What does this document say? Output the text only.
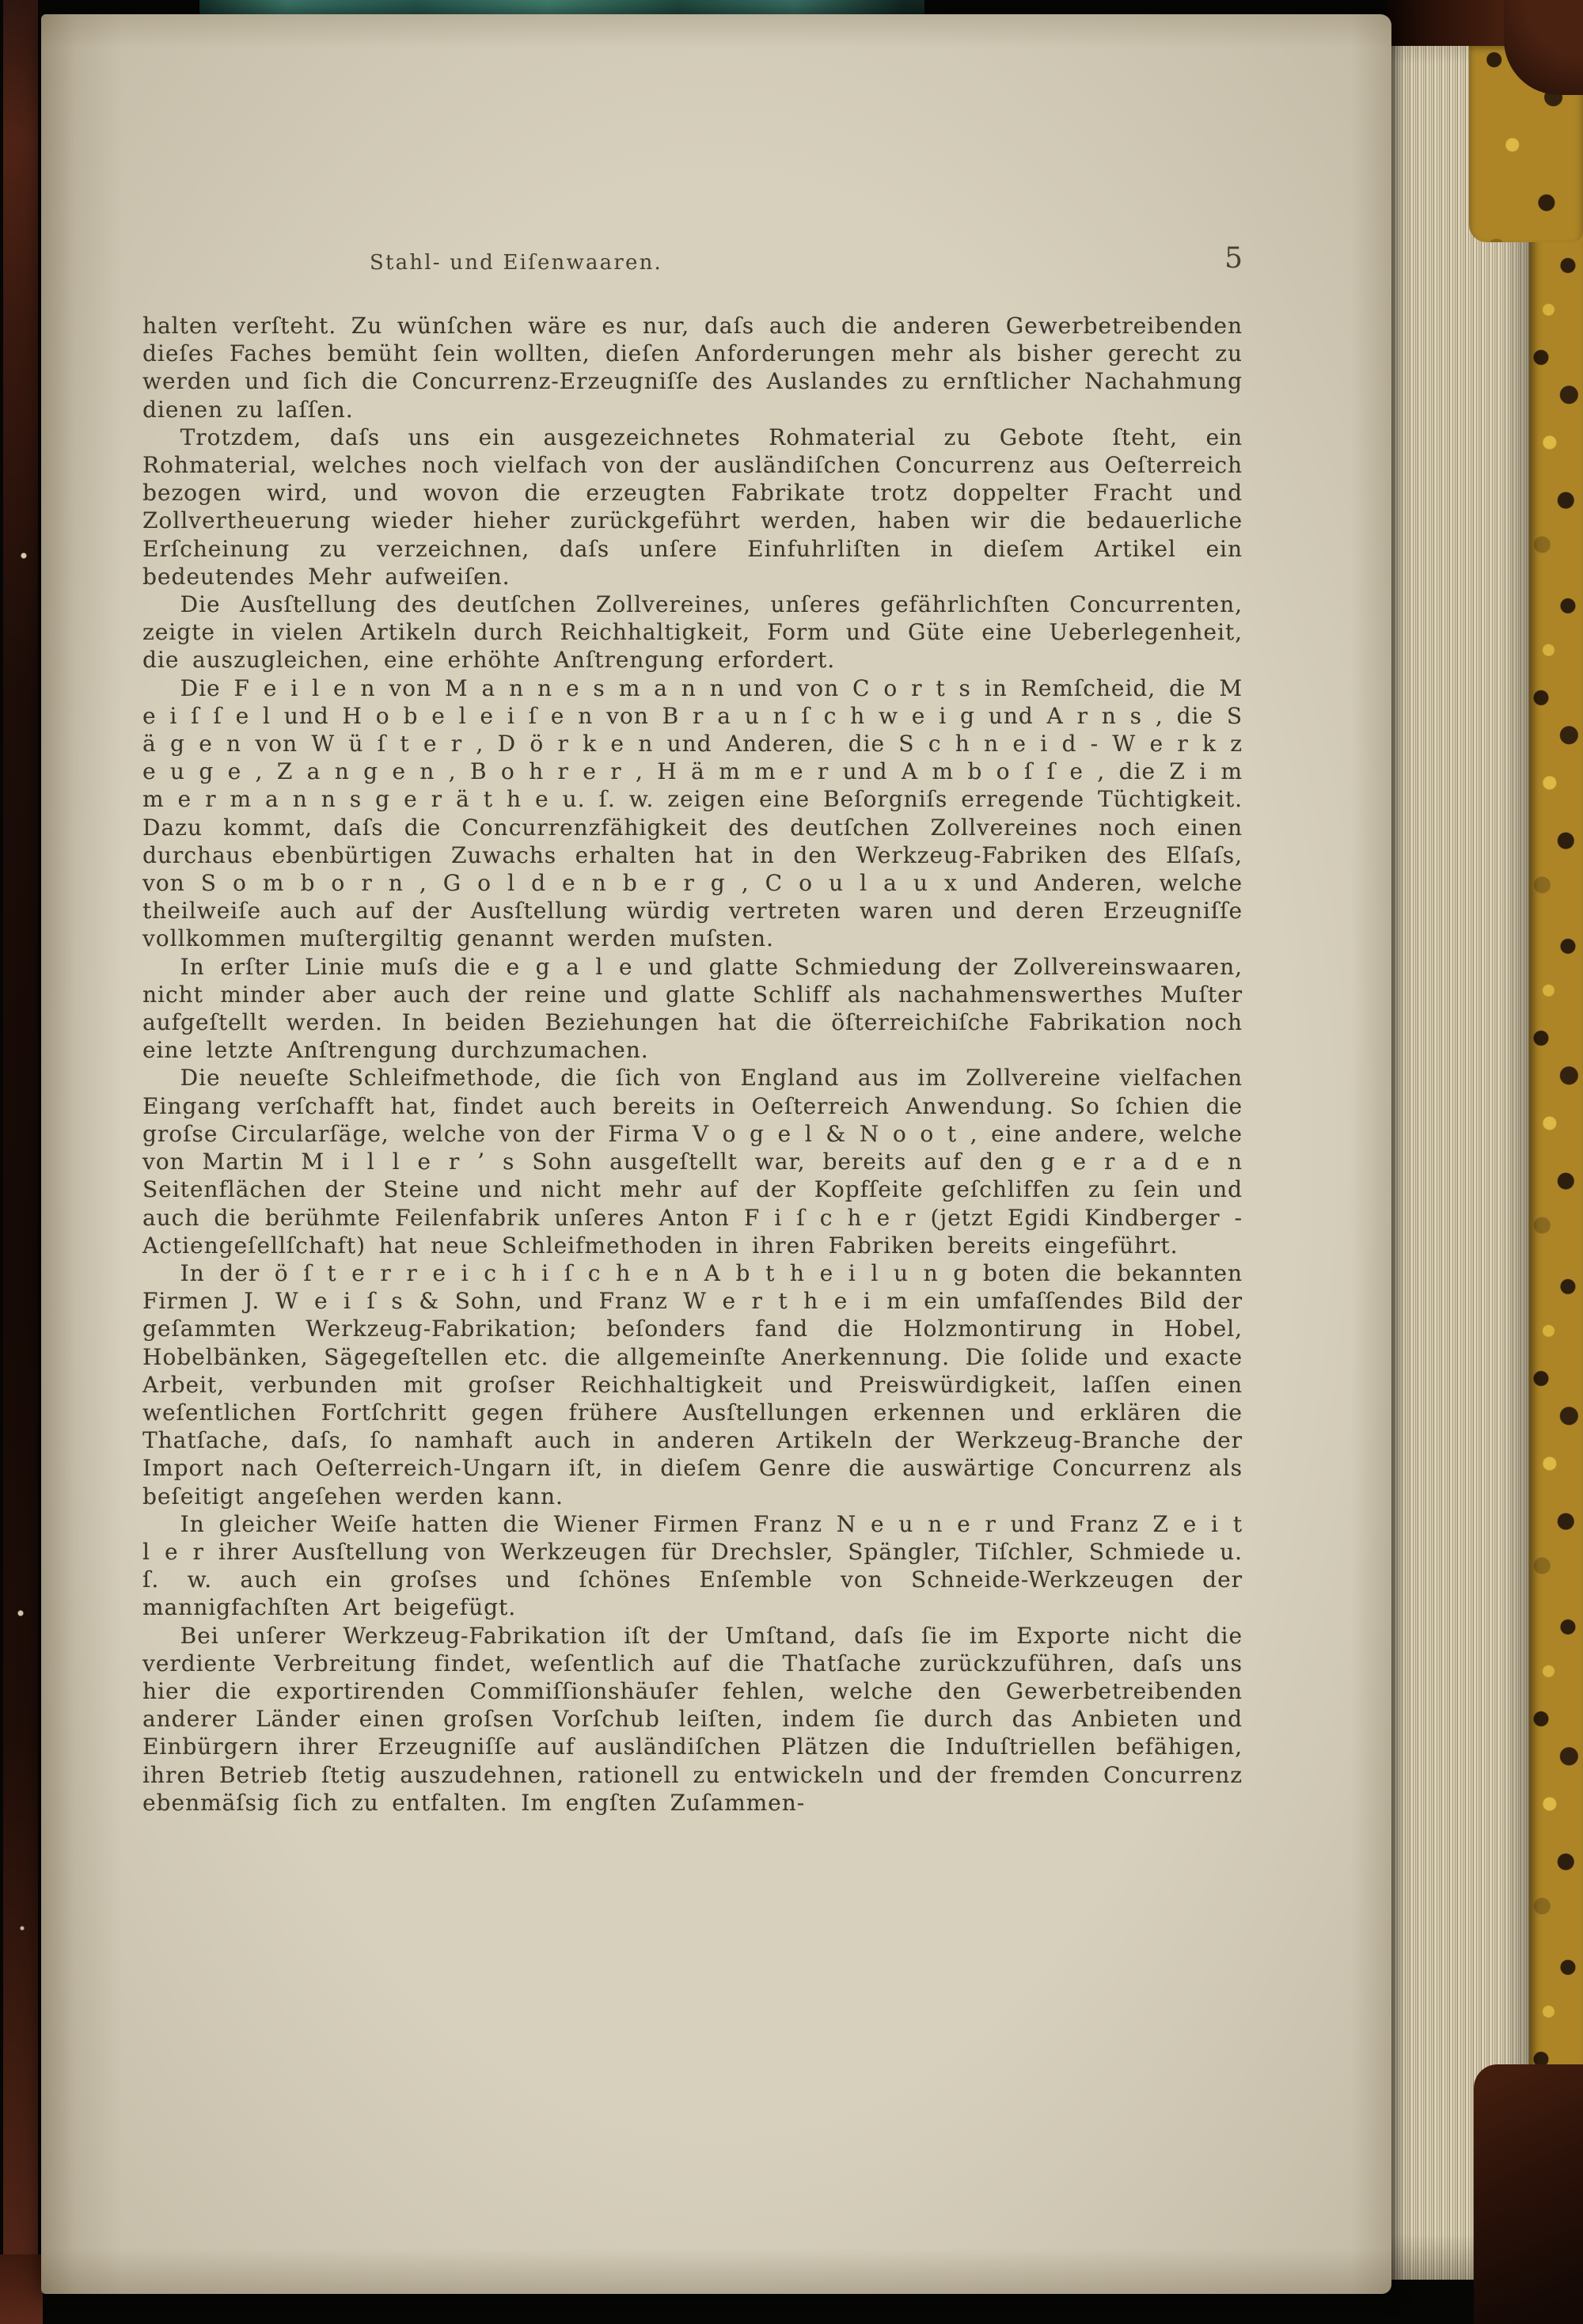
Stahl- und Eiſenwaaren.	5

halten verſteht. Zu wünſchen wäre es nur, daſs auch die anderen Gewerbetreibenden dieſes Faches bemüht ſein wollten, dieſen Anforderungen mehr als bisher gerecht zu werden und ſich die Concurrenz-Erzeugniſſe des Auslandes zu ernſtlicher Nachahmung dienen zu laſſen.

Trotzdem, daſs uns ein ausgezeichnetes Rohmaterial zu Gebote ſteht, ein Rohmaterial, welches noch vielfach von der ausländiſchen Concurrenz aus Oeſterreich bezogen wird, und wovon die erzeugten Fabrikate trotz doppelter Fracht und Zollvertheuerung wieder hieher zurückgeführt werden, haben wir die bedauerliche Erſcheinung zu verzeichnen, daſs unſere Einfuhrliſten in dieſem Artikel ein bedeutendes Mehr aufweiſen.

Die Ausſtellung des deutſchen Zollvereines, unſeres gefährlichſten Concurrenten, zeigte in vielen Artikeln durch Reichhaltigkeit, Form und Güte eine Ueberlegenheit, die auszugleichen, eine erhöhte Anſtrengung erfordert.

Die F e i l e n von M a n n e s m a n n und von C o r t s in Remſcheid, die M e i ſ ſ e l und H o b e l e i ſ e n von B r a u n ſ c h w e i g und A r n s , die S ä g e n von W ü ſ t e r , D ö r k e n und Anderen, die S c h n e i d - W e r k z e u g e , Z a n g e n , B o h r e r , H ä m m e r und A m b o ſ ſ e , die Z i m m e r m a n n s g e r ä t h e u. ſ. w. zeigen eine Beſorgniſs erregende Tüchtigkeit. Dazu kommt, daſs die Concurrenzfähigkeit des deutſchen Zollvereines noch einen durchaus ebenbürtigen Zuwachs erhalten hat in den Werkzeug-Fabriken des Elſaſs, von S o m b o r n , G o l d e n b e r g , C o u l a u x und Anderen, welche theilweiſe auch auf der Ausſtellung würdig vertreten waren und deren Erzeugniſſe vollkommen muſtergiltig genannt werden muſsten.

In erſter Linie muſs die e g a l e und glatte Schmiedung der Zollvereinswaaren, nicht minder aber auch der reine und glatte Schliff als nachahmenswerthes Muſter aufgeſtellt werden. In beiden Beziehungen hat die öſterreichiſche Fabrikation noch eine letzte Anſtrengung durchzumachen.

Die neueſte Schleifmethode, die ſich von England aus im Zollvereine vielfachen Eingang verſchafft hat, findet auch bereits in Oeſterreich Anwendung. So ſchien die groſse Circularſäge, welche von der Firma V o g e l & N o o t , eine andere, welche von Martin M i l l e r ’ s Sohn ausgeſtellt war, bereits auf den g e r a d e n Seitenflächen der Steine und nicht mehr auf der Kopfſeite geſchliffen zu ſein und auch die berühmte Feilenfabrik unſeres Anton F i ſ c h e r (jetzt Egidi Kindberger - Actiengeſellſchaft) hat neue Schleifmethoden in ihren Fabriken bereits eingeführt.

In der ö ſ t e r r e i c h i ſ c h e n A b t h e i l u n g boten die bekannten Firmen J. W e i ſ s & Sohn, und Franz W e r t h e i m ein umfaſſendes Bild der geſammten Werkzeug-Fabrikation; beſonders fand die Holzmontirung in Hobel, Hobelbänken, Sägegeſtellen etc. die allgemeinſte Anerkennung. Die ſolide und exacte Arbeit, verbunden mit groſser Reichhaltigkeit und Preiswürdigkeit, laſſen einen weſentlichen Fortſchritt gegen frühere Ausſtellungen erkennen und erklären die Thatſache, daſs, ſo namhaft auch in anderen Artikeln der Werkzeug-Branche der Import nach Oeſterreich-Ungarn iſt, in dieſem Genre die auswärtige Concurrenz als beſeitigt angeſehen werden kann.

In gleicher Weiſe hatten die Wiener Firmen Franz N e u n e r und Franz Z e i t l e r ihrer Ausſtellung von Werkzeugen für Drechsler, Spängler, Tiſchler, Schmiede u. ſ. w. auch ein groſses und ſchönes Enſemble von Schneide-Werkzeugen der mannigfachſten Art beigefügt.

Bei unſerer Werkzeug-Fabrikation iſt der Umſtand, daſs ſie im Exporte nicht die verdiente Verbreitung findet, weſentlich auf die Thatſache zurückzuführen, daſs uns hier die exportirenden Commiſſionshäuſer fehlen, welche den Gewerbetreibenden anderer Länder einen groſsen Vorſchub leiſten, indem ſie durch das Anbieten und Einbürgern ihrer Erzeugniſſe auf ausländiſchen Plätzen die Induſtriellen befähigen, ihren Betrieb ſtetig auszudehnen, rationell zu entwickeln und der fremden Concurrenz ebenmäſsig ſich zu entfalten. Im engſten Zuſammen-
